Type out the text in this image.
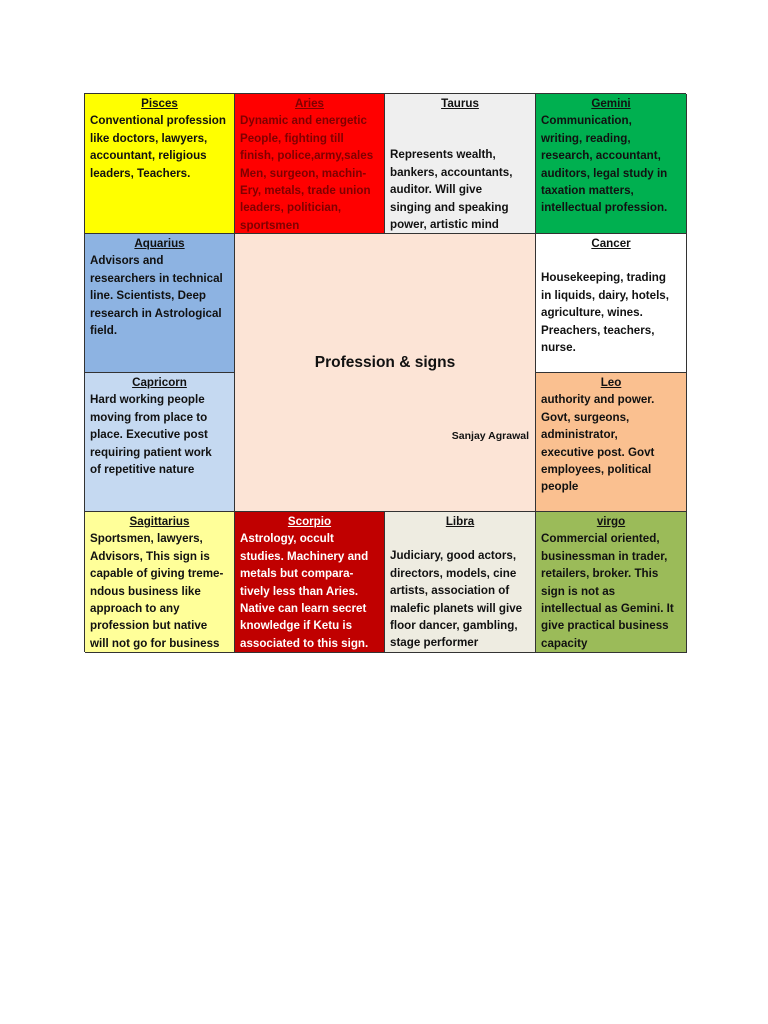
Pisces
Conventional profession
like doctors, lawyers,
accountant, religious
leaders, Teachers.
Aries
Dynamic and energetic
People, fighting till
finish, police,army,sales
Men, surgeon, machin-
Ery, metals, trade union
leaders, politician,
sportsmen
Taurus
Represents wealth,
bankers, accountants,
auditor. Will give
singing and speaking
power, artistic mind
Gemini
Communication,
writing, reading,
research, accountant,
auditors, legal study in
taxation matters,
intellectual profession.
Aquarius
Advisors and
researchers in technical
line. Scientists, Deep
research in Astrological
field.
Profession & signs
Sanjay Agrawal
Cancer
Housekeeping, trading
in liquids, dairy, hotels,
agriculture, wines.
Preachers, teachers,
nurse.
Capricorn
Hard working people
moving from place to
place. Executive post
requiring patient work
of repetitive nature
Leo
authority and power.
Govt, surgeons,
administrator,
executive post. Govt
employees, political
people
Sagittarius
Sportsmen, lawyers,
Advisors, This sign is
capable of giving treme-
ndous business like
approach to any
profession but native
will not go for business
Scorpio
Astrology, occult
studies. Machinery and
metals but compara-
tively less than Aries.
Native can learn secret
knowledge if Ketu is
associated to this sign.
Libra
Judiciary, good actors,
directors, models, cine
artists, association of
malefic planets will give
floor dancer, gambling,
stage performer
virgo
Commercial oriented,
businessman in trader,
retailers, broker. This
sign is not as
intellectual as Gemini. It
give practical business
capacity
